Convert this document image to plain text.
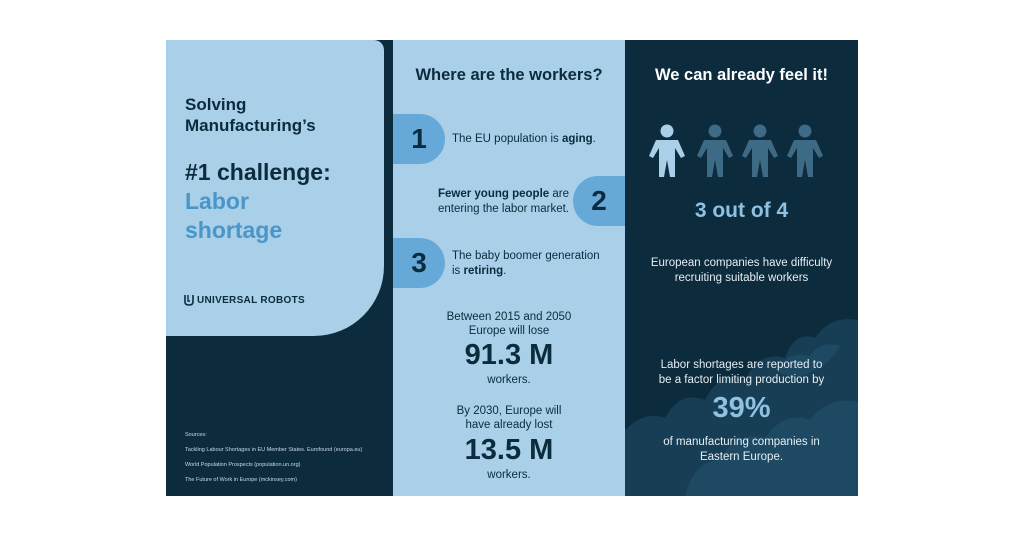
Solving
Manufacturing’s
#1 challenge:
Labor
shortage
UNIVERSAL ROBOTS
Sources:
Tackling Labour Shortages in EU Member States. Eurofound (europa.eu)
World Population Prospects (population.un.org)
The Future of Work in Europe (mckinsey.com)
Where are the workers?
1	The EU population is aging.
2
Fewer young people are
entering the labor market.
3	The baby boomer generation
is retiring.
Between 2015 and 2050
Europe will lose
91.3 M
workers.
By 2030, Europe will
have already lost
13.5 M
workers.
We can already feel it!
3 out of 4
European companies have difficulty
recruiting suitable workers
Labor shortages are reported to
be a factor limiting production by
39%
of manufacturing companies in
Eastern Europe.
